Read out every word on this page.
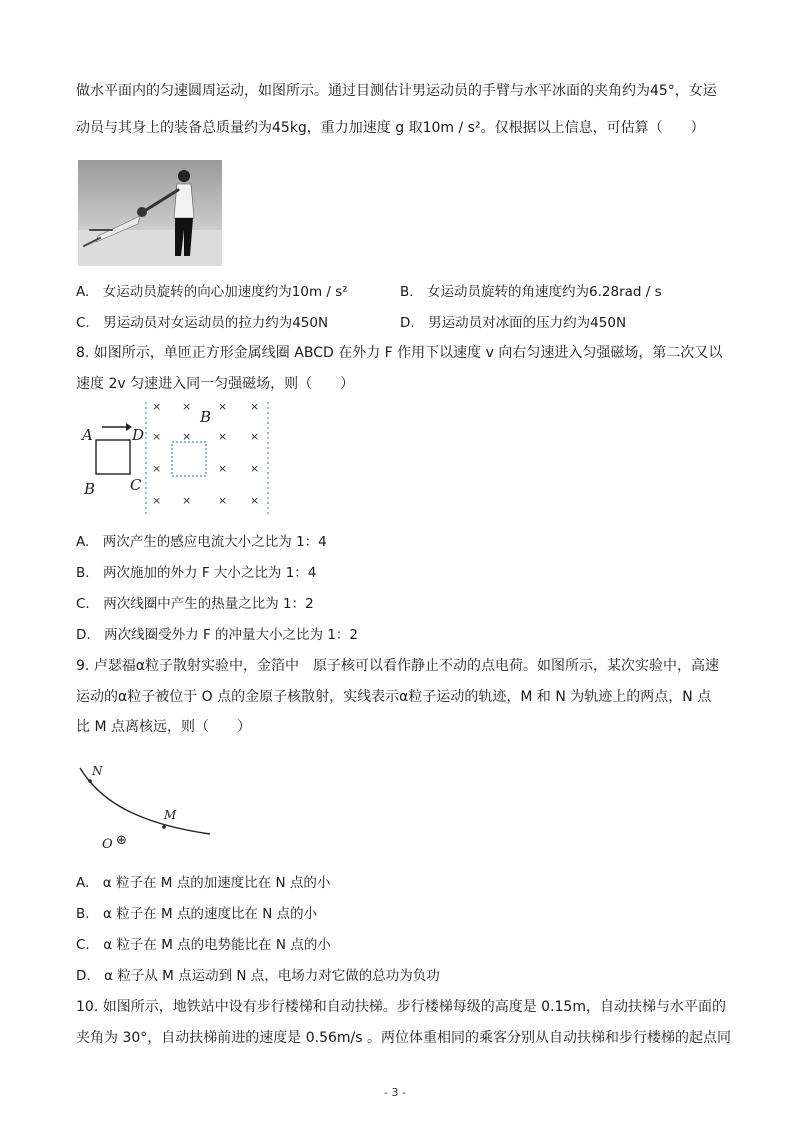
做水平面内的匀速圆周运动，如图所示。通过目测估计男运动员的手臂与水平冰面的夹角约为45°，女运
动员与其身上的装备总质量约为45kg，重力加速度 g 取10m / s²。仅根据以上信息，可估算（　　）
A.　女运动员旋转的向心加速度约为10m / s²	B.　女运动员旋转的角速度约为6.28rad / s
C.　男运动员对女运动员的拉力约为450N	D.　男运动员对冰面的压力约为450N
8. 如图所示，单匝正方形金属线圈 ABCD 在外力 F 作用下以速度 v 向右匀速进入匀强磁场，第二次又以
速度 2v 匀速进入同一匀强磁场，则（　　）
A	D
B C
B
× × × ×
× × × ×
×	× ×
× × × ×
A.　两次产生的感应电流大小之比为 1：4
B.　两次施加的外力 F 大小之比为 1：4
C.　两次线圈中产生的热量之比为 1：2
D.　两次线圈受外力 F 的冲量大小之比为 1：2
9. 卢瑟福α粒子散射实验中，金箔中　原子核可以看作静止不动的点电荷。如图所示，某次实验中，高速
运动的α粒子被位于 O 点的金原子核散射，实线表示α粒子运动的轨迹，M 和 N 为轨迹上的两点，N 点
比 M 点离核远，则（　　）
N
M
O ⊕
A.　α 粒子在 M 点的加速度比在 N 点的小
B.　α 粒子在 M 点的速度比在 N 点的小
C.　α 粒子在 M 点的电势能比在 N 点的小
D.　α 粒子从 M 点运动到 N 点，电场力对它做的总功为负功
10. 如图所示，地铁站中设有步行楼梯和自动扶梯。步行楼梯每级的高度是 0.15m，自动扶梯与水平面的
夹角为 30°，自动扶梯前进的速度是 0.56m/s 。两位体重相同的乘客分别从自动扶梯和步行楼梯的起点同
- 3 -
